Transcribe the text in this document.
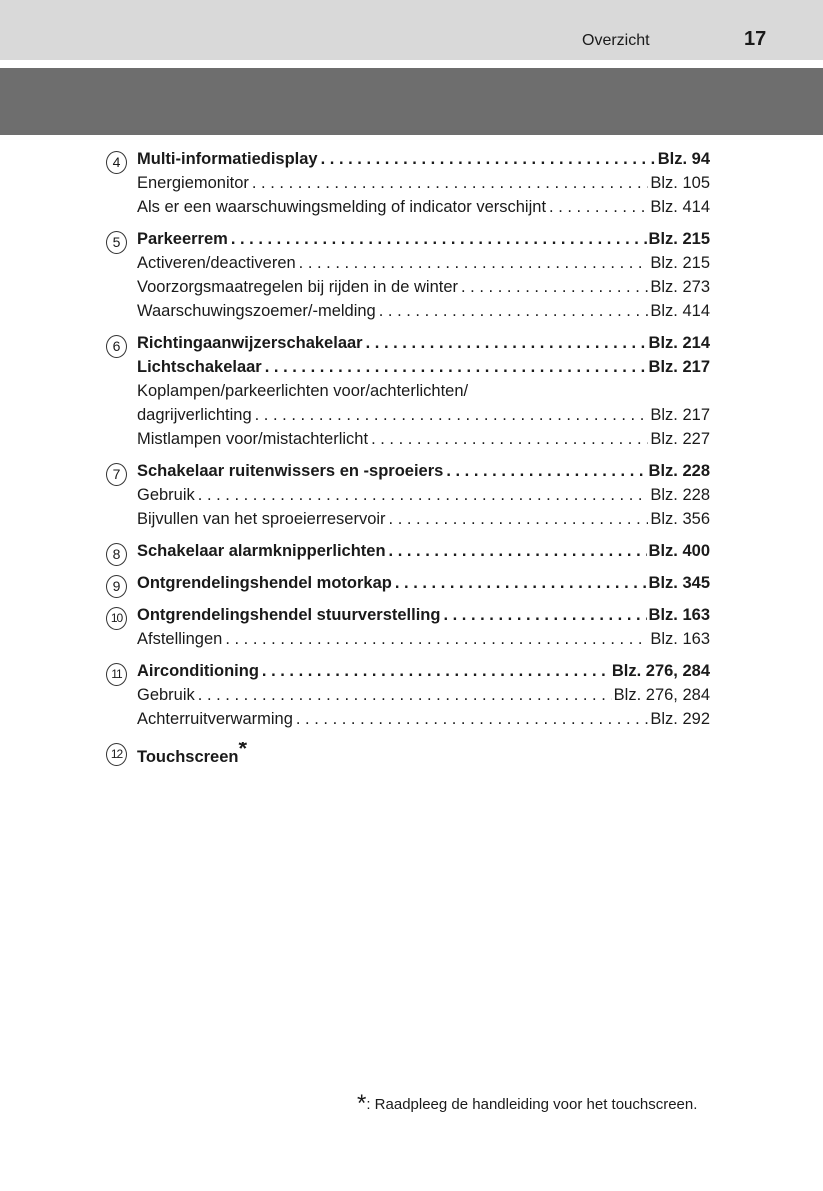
Overzicht	17
4	Multi-informatiedisplay . . .	Blz. 94
Energiemonitor . . .	Blz. 105
Als er een waarschuwingsmelding of indicator verschijnt . . .	Blz. 414
5	Parkeerrem . . .	Blz. 215
Activeren/deactiveren . . .	Blz. 215
Voorzorgsmaatregelen bij rijden in de winter . . .	Blz. 273
Waarschuwingszoemer/-melding . . .	Blz. 414
6	Richtingaanwijzerschakelaar . . .	Blz. 214
Lichtschakelaar . . .	Blz. 217
Koplampen/parkeerlichten voor/achterlichten/
dagrijverlichting . . .	Blz. 217
Mistlampen voor/mistachterlicht . . .	Blz. 227
7	Schakelaar ruitenwissers en -sproeiers . . .	Blz. 228
Gebruik . . .	Blz. 228
Bijvullen van het sproeierreservoir . . .	Blz. 356
8	Schakelaar alarmknipperlichten . . .	Blz. 400
9	Ontgrendelingshendel motorkap . . .	Blz. 345
10 Ontgrendelingshendel stuurverstelling . . .	Blz. 163
Afstellingen . . .	Blz. 163
11 Airconditioning . . .	Blz. 276, 284
Gebruik . . .	Blz. 276, 284
Achterruitverwarming . . .	Blz. 292
12 Touchscreen *
*: Raadpleeg de handleiding voor het touchscreen.
